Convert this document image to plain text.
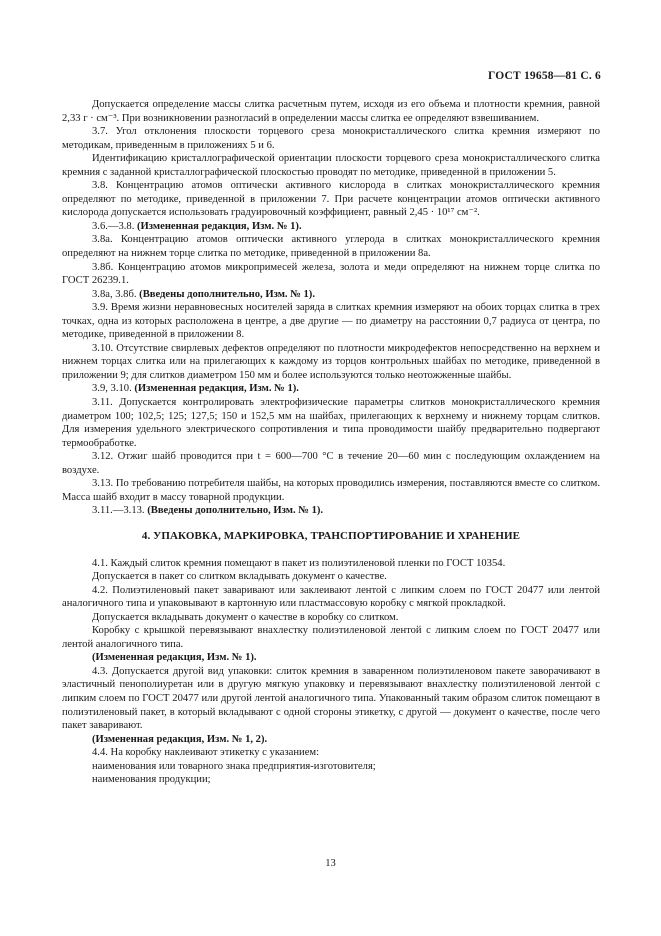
ГОСТ 19658—81 С. 6

Допускается определение массы слитка расчетным путем, исходя из его объема и плотности кремния, равной 2,33 г · см⁻³. При возникновении разногласий в определении массы слитка ее определяют взвешиванием.

3.7. Угол отклонения плоскости торцевого среза монокристаллического слитка кремния измеряют по методикам, приведенным в приложениях 5 и 6.

Идентификацию кристаллографической ориентации плоскости торцевого среза монокристаллического слитка кремния с заданной кристаллографической плоскостью проводят по методике, приведенной в приложении 5.

3.8. Концентрацию атомов оптически активного кислорода в слитках монокристаллического кремния определяют по методике, приведенной в приложении 7. При расчете концентрации атомов оптически активного кислорода допускается использовать градуировочный коэффициент, равный 2,45 · 10¹⁷ см⁻².

3.6.—3.8. (Измененная редакция, Изм. № 1).

3.8а. Концентрацию атомов оптически активного углерода в слитках монокристаллического кремния определяют на нижнем торце слитка по методике, приведенной в приложении 8а.

3.8б. Концентрацию атомов микропримесей железа, золота и меди определяют на нижнем торце слитка по ГОСТ 26239.1.

3.8а, 3.8б. (Введены дополнительно, Изм. № 1).

3.9. Время жизни неравновесных носителей заряда в слитках кремния измеряют на обоих торцах слитка в трех точках, одна из которых расположена в центре, а две другие — по диаметру на расстоянии 0,7 радиуса от центра, по методике, приведенной в приложении 8.

3.10. Отсутствие свирлевых дефектов определяют по плотности микродефектов непосредственно на верхнем и нижнем торцах слитка или на прилегающих к каждому из торцов контрольных шайбах по методике, приведенной в приложении 9; для слитков диаметром 150 мм и более используются только неотожженные шайбы.

3.9, 3.10. (Измененная редакция, Изм. № 1).

3.11. Допускается контролировать электрофизические параметры слитков монокристаллического кремния диаметром 100; 102,5; 125; 127,5; 150 и 152,5 мм на шайбах, прилегающих к верхнему и нижнему торцам слитков. Для измерения удельного электрического сопротивления и типа проводимости шайбу предварительно подвергают термообработке.

3.12. Отжиг шайб проводится при t = 600—700 °С в течение 20—60 мин с последующим охлаждением на воздухе.

3.13. По требованию потребителя шайбы, на которых проводились измерения, поставляются вместе со слитком. Масса шайб входит в массу товарной продукции.

3.11.—3.13. (Введены дополнительно, Изм. № 1).

4. УПАКОВКА, МАРКИРОВКА, ТРАНСПОРТИРОВАНИЕ И ХРАНЕНИЕ

4.1. Каждый слиток кремния помещают в пакет из полиэтиленовой пленки по ГОСТ 10354.

Допускается в пакет со слитком вкладывать документ о качестве.

4.2. Полиэтиленовый пакет заваривают или заклеивают лентой с липким слоем по ГОСТ 20477 или лентой аналогичного типа и упаковывают в картонную или пластмассовую коробку с мягкой прокладкой.

Допускается вкладывать документ о качестве в коробку со слитком.

Коробку с крышкой перевязывают внахлестку полиэтиленовой лентой с липким слоем по ГОСТ 20477 или лентой аналогичного типа.

(Измененная редакция, Изм. № 1).

4.3. Допускается другой вид упаковки: слиток кремния в заваренном полиэтиленовом пакете заворачивают в эластичный пенополиуретан или в другую мягкую упаковку и перевязывают внахлестку полиэтиленовой лентой с липким слоем по ГОСТ 20477 или другой лентой аналогичного типа. Упакованный таким образом слиток помещают в полиэтиленовый пакет, в который вкладывают с одной стороны этикетку, с другой — документ о качестве, после чего пакет заваривают.

(Измененная редакция, Изм. № 1, 2).

4.4. На коробку наклеивают этикетку с указанием:

наименования или товарного знака предприятия-изготовителя;

наименования продукции;

13
